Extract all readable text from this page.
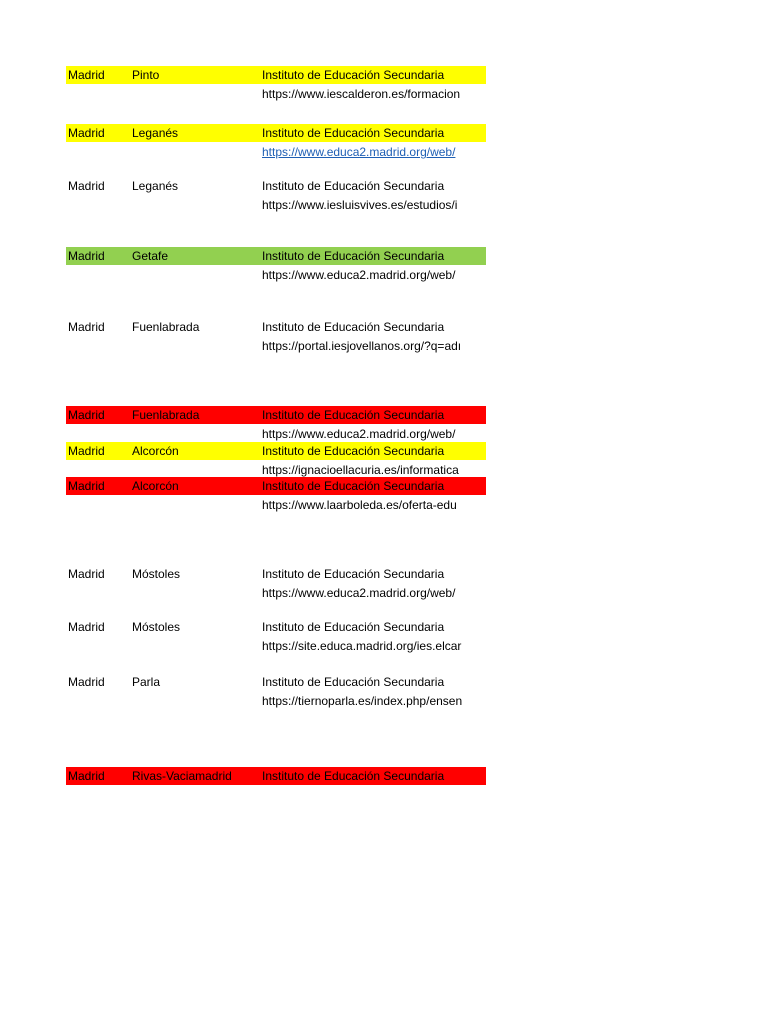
Madrid	Pinto	Instituto de Educación Secundaria
https://www.iescalderon.es/formacion
Madrid	Leganés	Instituto de Educación Secundaria
https://www.educa2.madrid.org/web/
Madrid	Leganés	Instituto de Educación Secundaria
https://www.iesluisvives.es/estudios/i
Madrid	Getafe	Instituto de Educación Secundaria
https://www.educa2.madrid.org/web/
Madrid	Fuenlabrada	Instituto de Educación Secundaria
https://portal.iesjovellanos.org/?q=adı
Madrid	Fuenlabrada	Instituto de Educación Secundaria
https://www.educa2.madrid.org/web/
Madrid	Alcorcón	Instituto de Educación Secundaria
https://ignacioellacuria.es/informatica
Madrid	Alcorcón	Instituto de Educación Secundaria
https://www.laarboleda.es/oferta-edu
Madrid	Móstoles	Instituto de Educación Secundaria
https://www.educa2.madrid.org/web/
Madrid	Móstoles	Instituto de Educación Secundaria
https://site.educa.madrid.org/ies.elcar
Madrid	Parla	Instituto de Educación Secundaria
https://tiernoparla.es/index.php/ensen
Madrid	Rivas-Vaciamadrid	Instituto de Educación Secundaria
